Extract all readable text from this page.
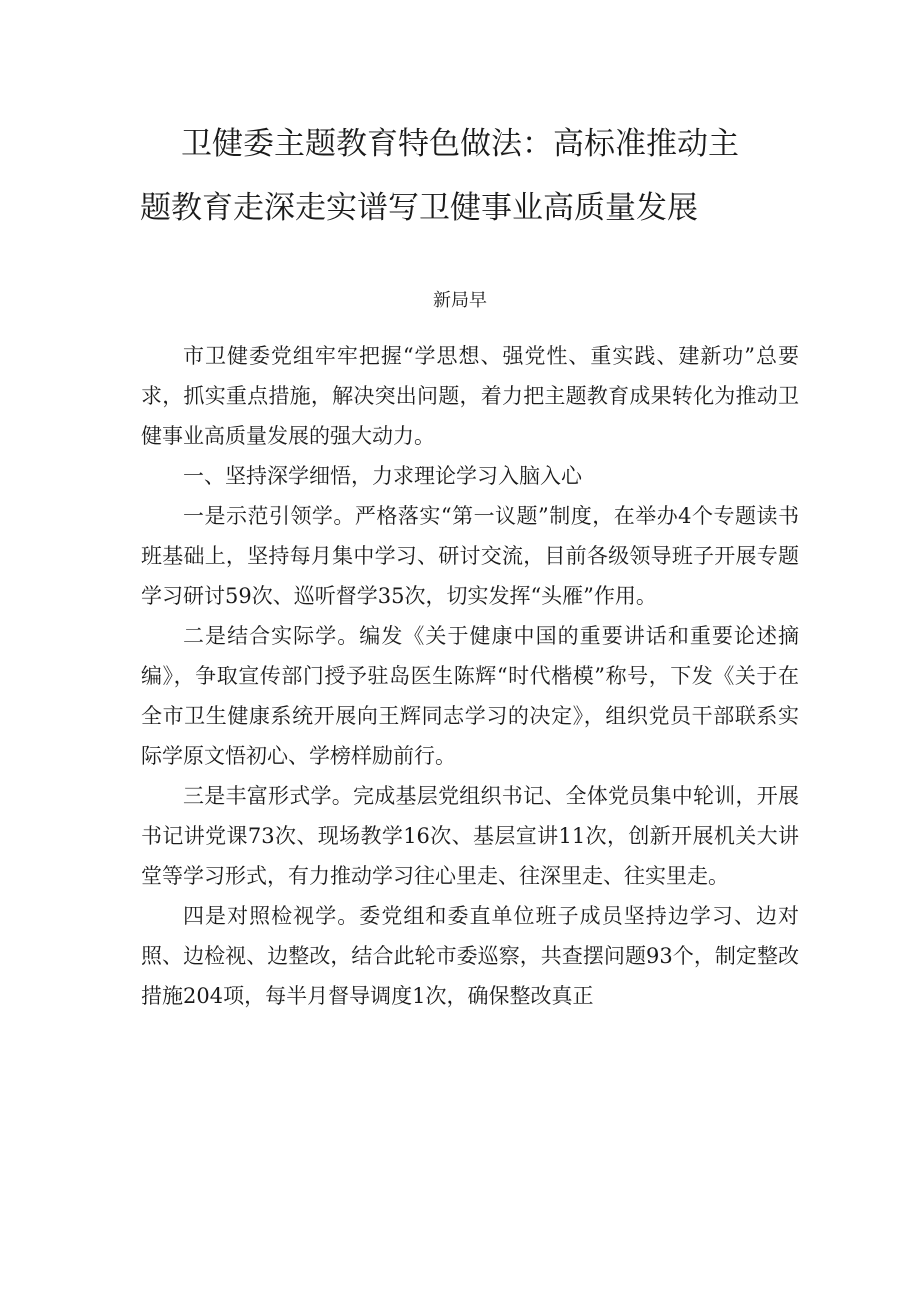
卫健委主题教育特色做法：高标准推动主
题教育走深走实谱写卫健事业高质量发展
新局早

市卫健委党组牢牢把握“学思想、强党性、重实践、建新功”总要求，抓实重点措施，解决突出问题，着力把主题教育成果转化为推动卫健事业高质量发展的强大动力。

一、坚持深学细悟，力求理论学习入脑入心

一是示范引领学。严格落实“第一议题”制度，在举办4个专题读书班基础上，坚持每月集中学习、研讨交流，目前各级领导班子开展专题学习研讨59次、巡听督学35次，切实发挥“头雁”作用。

二是结合实际学。编发《关于健康中国的重要讲话和重要论述摘编》，争取宣传部门授予驻岛医生陈辉“时代楷模”称号，下发《关于在全市卫生健康系统开展向王辉同志学习的决定》，组织党员干部联系实际学原文悟初心、学榜样励前行。

三是丰富形式学。完成基层党组织书记、全体党员集中轮训，开展书记讲党课73次、现场教学16次、基层宣讲11次，创新开展机关大讲堂等学习形式，有力推动学习往心里走、往深里走、往实里走。

四是对照检视学。委党组和委直单位班子成员坚持边学习、边对照、边检视、边整改，结合此轮市委巡察，共查摆问题93个，制定整改措施204项，每半月督导调度1次，确保整改真正
